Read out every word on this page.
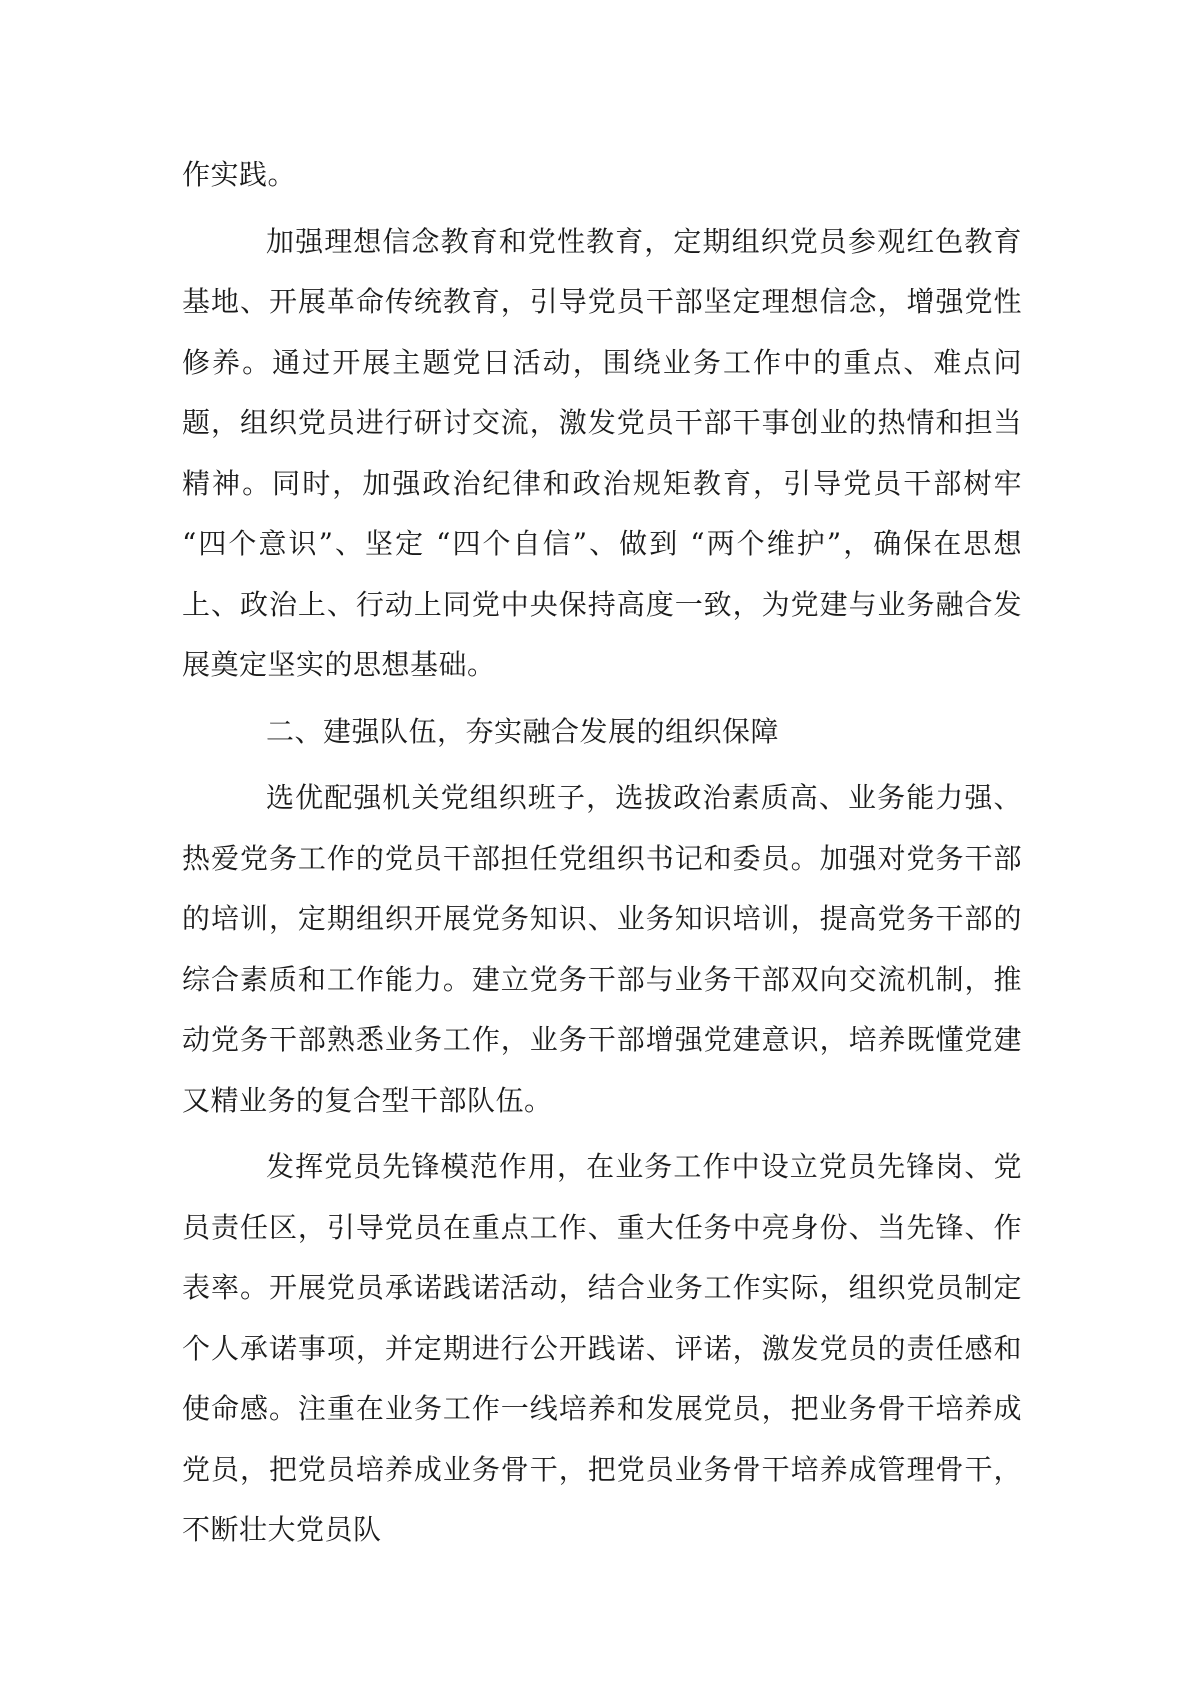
作实践。

加强理想信念教育和党性教育，定期组织党员参观红色教育基地、开展革命传统教育，引导党员干部坚定理想信念，增强党性修养。通过开展主题党日活动，围绕业务工作中的重点、难点问题，组织党员进行研讨交流，激发党员干部干事创业的热情和担当精神。同时，加强政治纪律和政治规矩教育，引导党员干部树牢 “四个意识”、坚定 “四个自信”、做到 “两个维护”，确保在思想上、政治上、行动上同党中央保持高度一致，为党建与业务融合发展奠定坚实的思想基础。

二、建强队伍，夯实融合发展的组织保障

选优配强机关党组织班子，选拔政治素质高、业务能力强、热爱党务工作的党员干部担任党组织书记和委员。加强对党务干部的培训，定期组织开展党务知识、业务知识培训，提高党务干部的综合素质和工作能力。建立党务干部与业务干部双向交流机制，推动党务干部熟悉业务工作，业务干部增强党建意识，培养既懂党建又精业务的复合型干部队伍。

发挥党员先锋模范作用，在业务工作中设立党员先锋岗、党员责任区，引导党员在重点工作、重大任务中亮身份、当先锋、作表率。开展党员承诺践诺活动，结合业务工作实际，组织党员制定个人承诺事项，并定期进行公开践诺、评诺，激发党员的责任感和使命感。注重在业务工作一线培养和发展党员，把业务骨干培养成党员，把党员培养成业务骨干，把党员业务骨干培养成管理骨干，不断壮大党员队
